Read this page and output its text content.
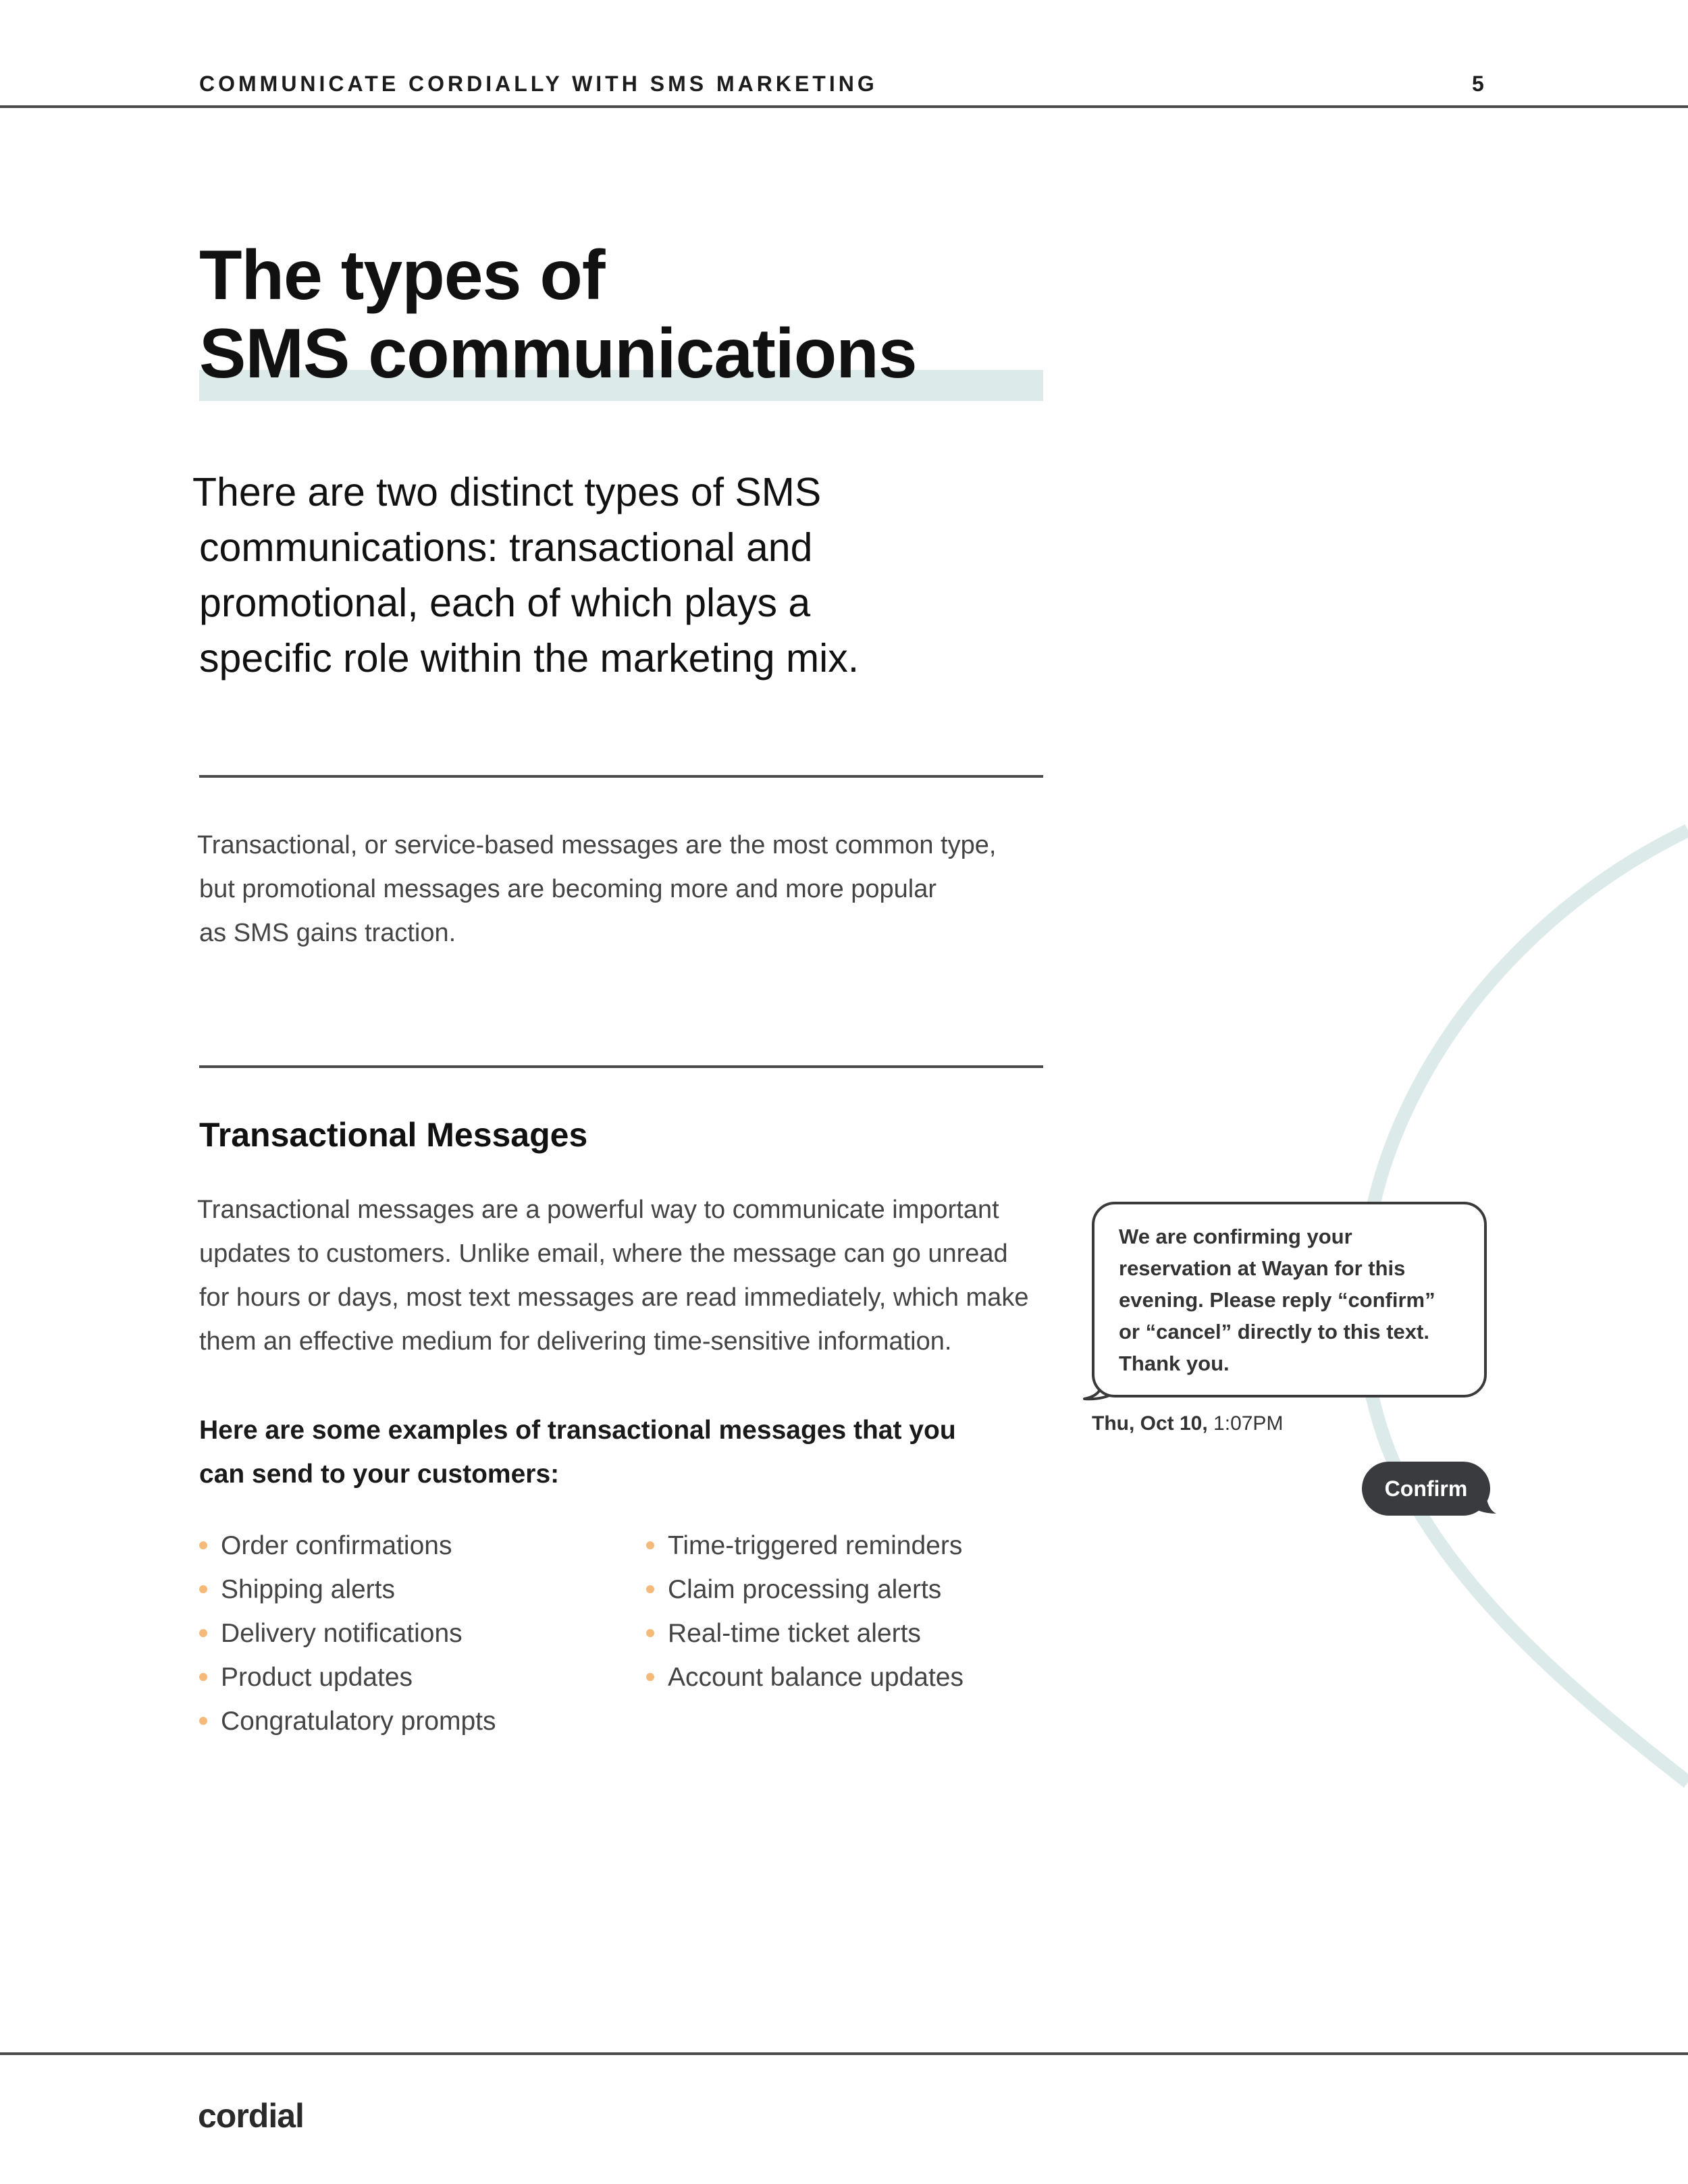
COMMUNICATE CORDIALLY WITH SMS MARKETING	5
The types of
SMS communications
There are two distinct types of SMS
communications: transactional and
promotional, each of which plays a
specific role within the marketing mix.
Transactional, or service-based messages are the most common type,
but promotional messages are becoming more and more popular
as SMS gains traction.
Transactional Messages
Transactional messages are a powerful way to communicate important
updates to customers. Unlike email, where the message can go unread
for hours or days, most text messages are read immediately, which make
them an effective medium for delivering time-sensitive information.
Here are some examples of transactional messages that you
can send to your customers:
Order confirmations
Shipping alerts
Delivery notifications
Product updates
Congratulatory prompts
Time-triggered reminders
Claim processing alerts
Real-time ticket alerts
Account balance updates
We are confirming your
reservation at Wayan for this
evening. Please reply “confirm”
or “cancel” directly to this text.
Thank you.
Thu, Oct 10, 1:07PM
Confirm
cordial
